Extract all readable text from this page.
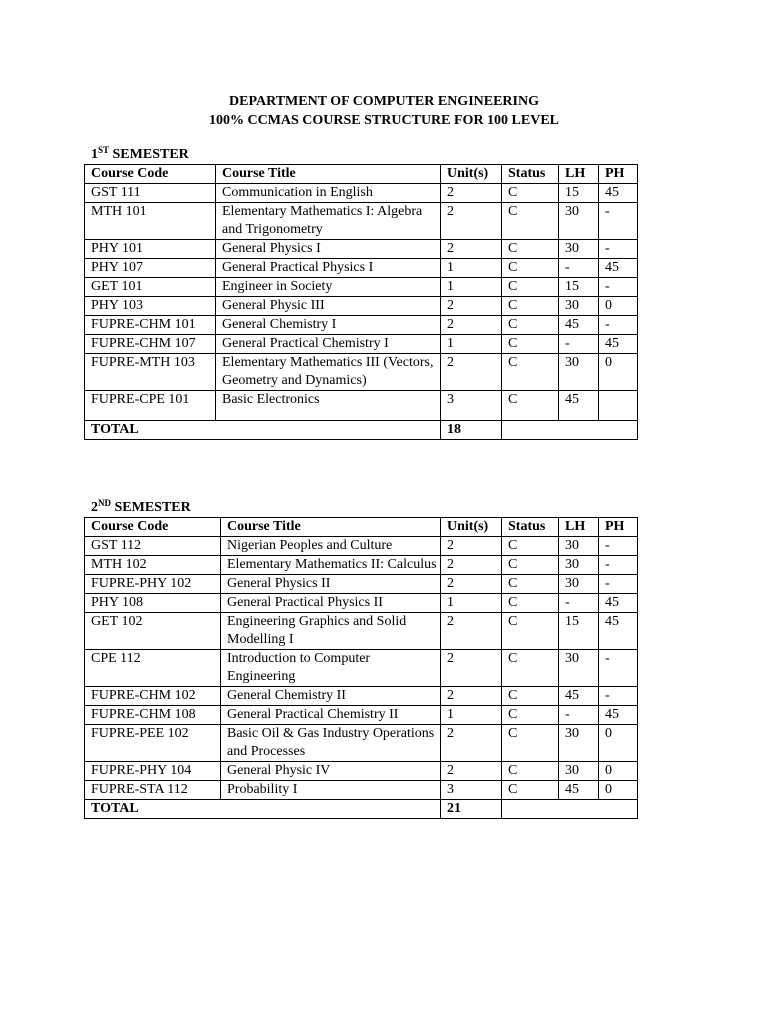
DEPARTMENT OF COMPUTER ENGINEERING
100% CCMAS COURSE STRUCTURE FOR 100 LEVEL
1ST SEMESTER
Course Code	Course Title	Unit(s)	Status	LH	PH
GST 111	Communication in English	2	C	15	45
MTH 101	Elementary Mathematics I: Algebra and Trigonometry	2	C	30	-
PHY 101	General Physics I	2	C	30	-
PHY 107	General Practical Physics I	1	C	-	45
GET 101	Engineer in Society	1	C	15	-
PHY 103	General Physic III	2	C	30	0
FUPRE-CHM 101	General Chemistry I	2	C	45	-
FUPRE-CHM 107	General Practical Chemistry I	1	C	-	45
FUPRE-MTH 103	Elementary Mathematics III (Vectors, Geometry and Dynamics)	2	C	30	0
FUPRE-CPE 101	Basic Electronics	3	C	45	
TOTAL		18			
2ND SEMESTER
Course Code	Course Title	Unit(s)	Status	LH	PH
GST 112	Nigerian Peoples and Culture	2	C	30	-
MTH 102	Elementary Mathematics II: Calculus	2	C	30	-
FUPRE-PHY 102	General Physics II	2	C	30	-
PHY 108	General Practical Physics II	1	C	-	45
GET 102	Engineering Graphics and Solid Modelling I	2	C	15	45
CPE 112	Introduction to Computer Engineering	2	C	30	-
FUPRE-CHM 102	General Chemistry II	2	C	45	-
FUPRE-CHM 108	General Practical Chemistry II	1	C	-	45
FUPRE-PEE 102	Basic Oil & Gas Industry Operations and Processes	2	C	30	0
FUPRE-PHY 104	General Physic IV	2	C	30	0
FUPRE-STA 112	Probability I	3	C	45	0
TOTAL		21			
